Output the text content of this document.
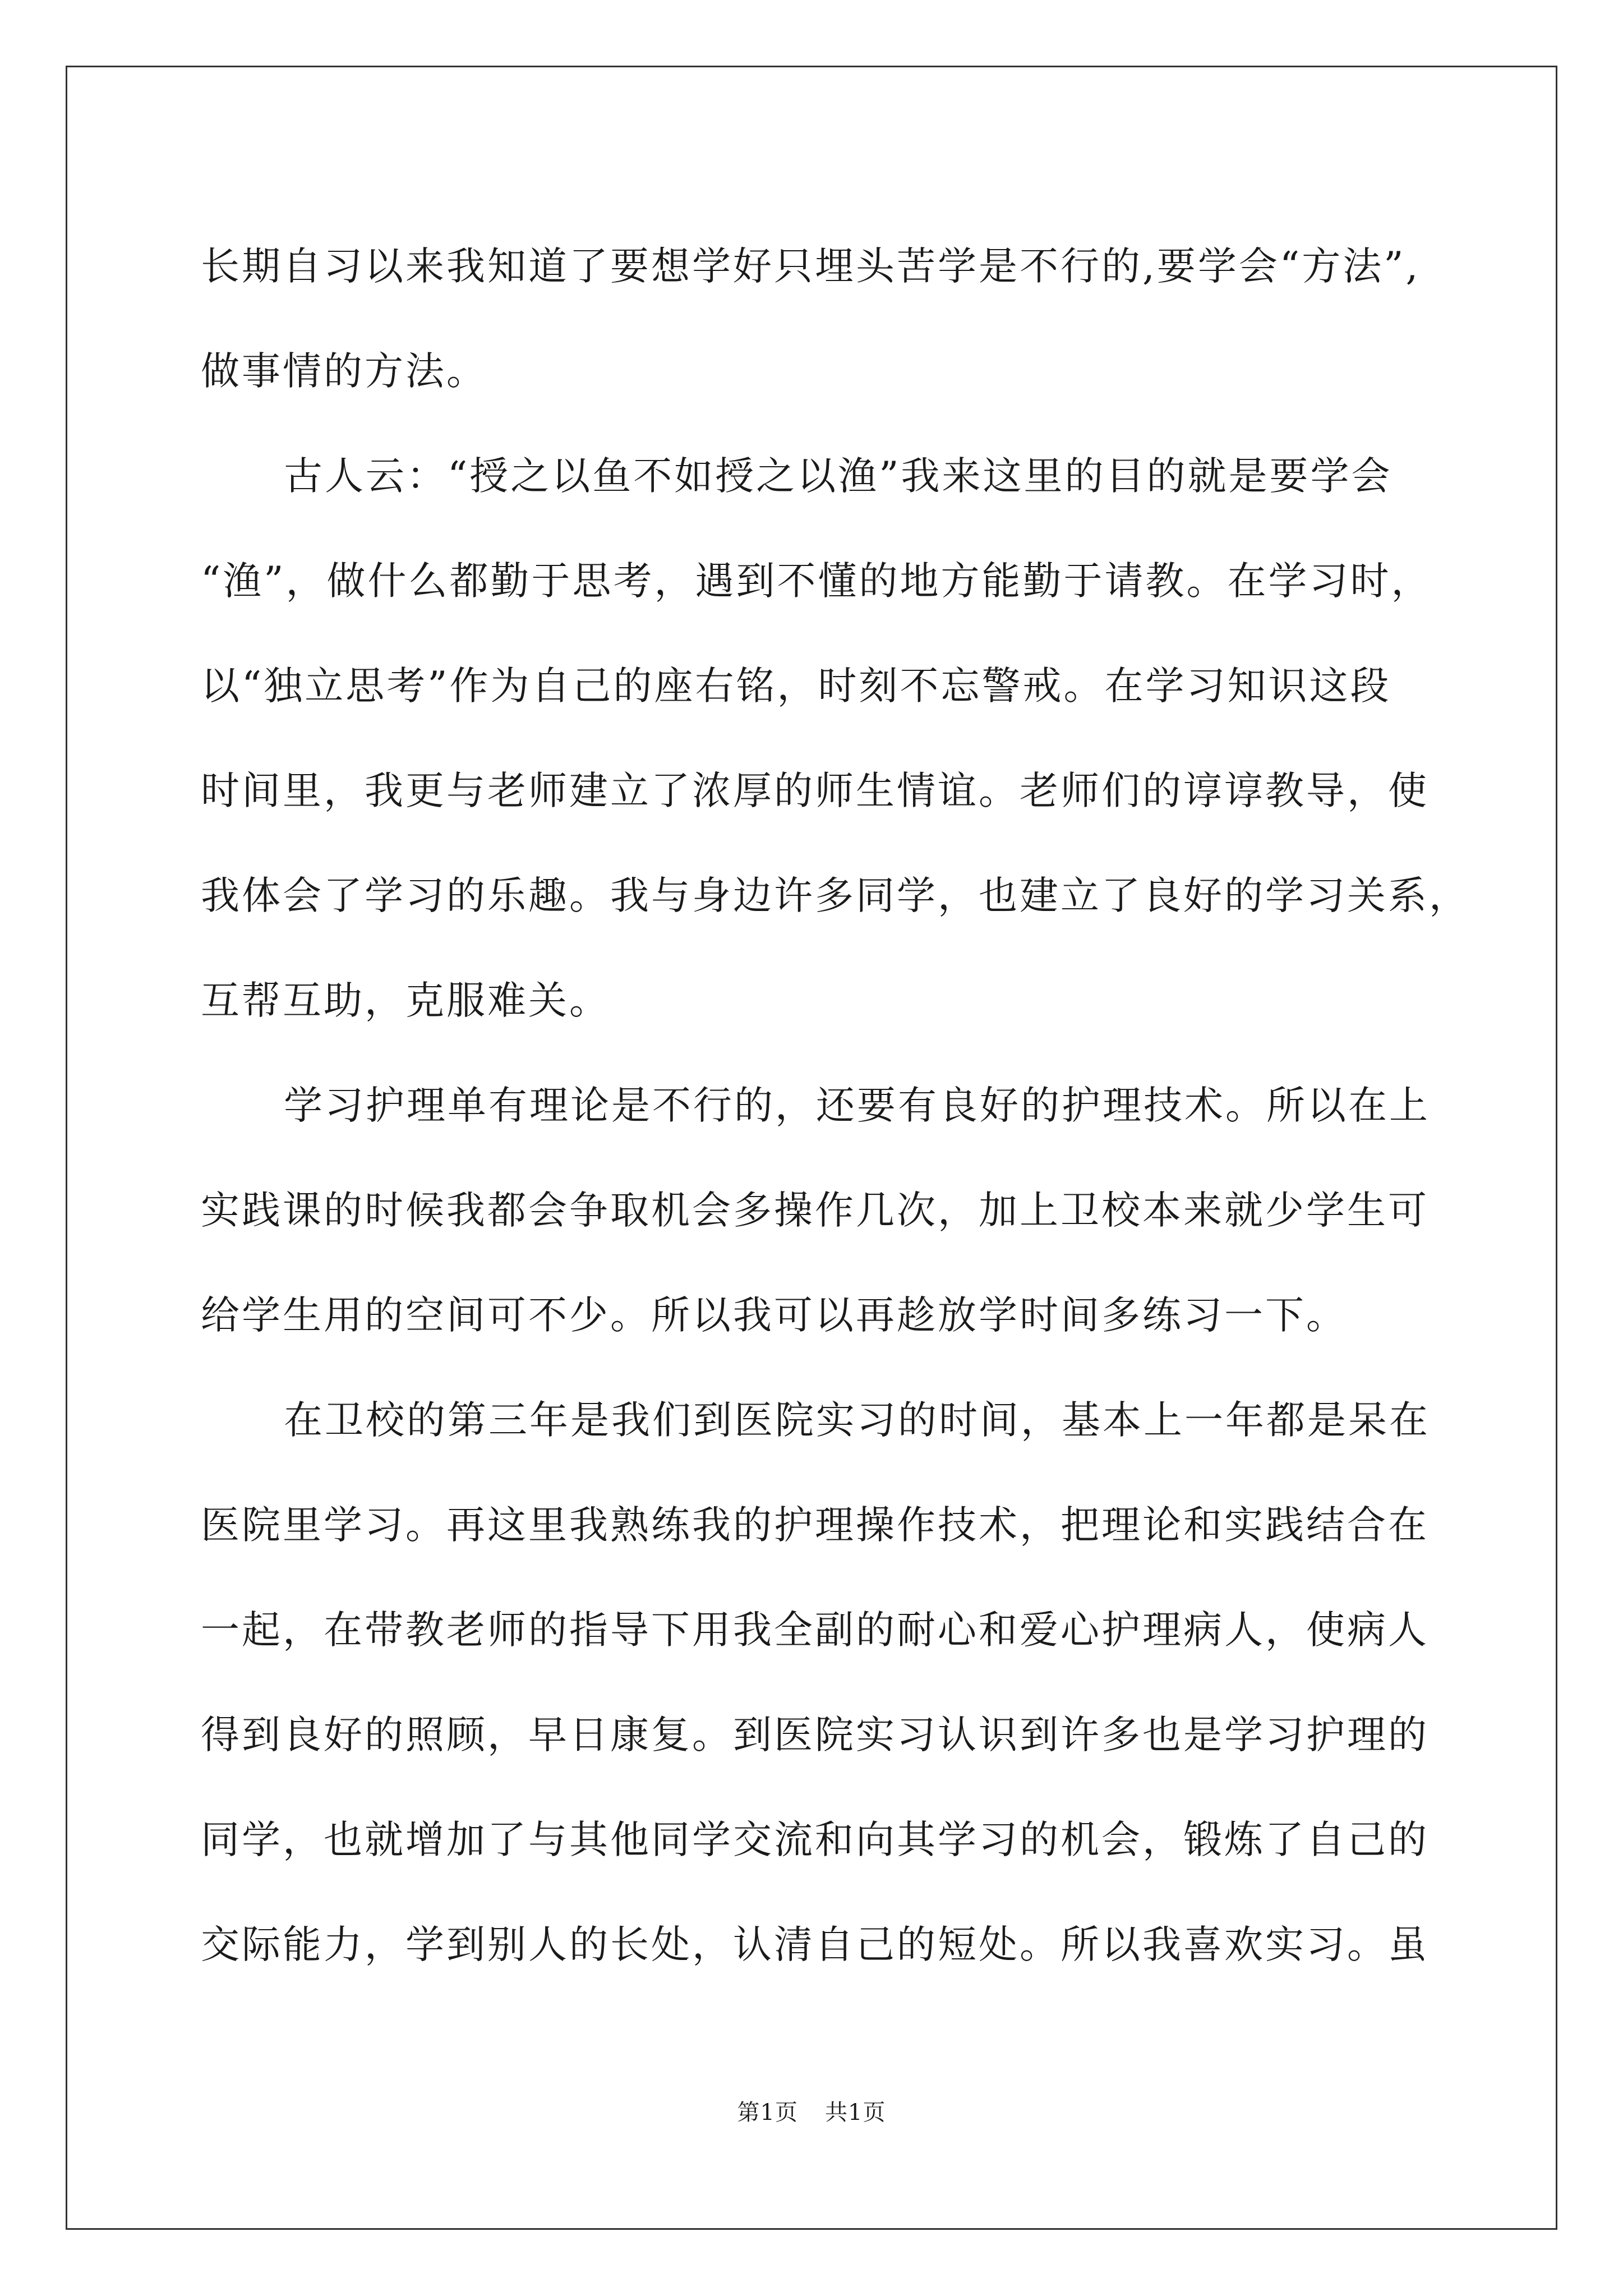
长期自习以来我知道了要想学好只埋头苦学是不行的,要学会“方法”,
做事情的方法。
古人云：“授之以鱼不如授之以渔”我来这里的目的就是要学会
“渔”，做什么都勤于思考，遇到不懂的地方能勤于请教。在学习时，
以“独立思考”作为自己的座右铭，时刻不忘警戒。在学习知识这段
时间里，我更与老师建立了浓厚的师生情谊。老师们的谆谆教导，使
我体会了学习的乐趣。我与身边许多同学，也建立了良好的学习关系，
互帮互助，克服难关。
学习护理单有理论是不行的，还要有良好的护理技术。所以在上
实践课的时候我都会争取机会多操作几次，加上卫校本来就少学生可
给学生用的空间可不少。所以我可以再趁放学时间多练习一下。
在卫校的第三年是我们到医院实习的时间，基本上一年都是呆在
医院里学习。再这里我熟练我的护理操作技术，把理论和实践结合在
一起，在带教老师的指导下用我全副的耐心和爱心护理病人，使病人
得到良好的照顾，早日康复。到医院实习认识到许多也是学习护理的
同学，也就增加了与其他同学交流和向其学习的机会，锻炼了自己的
交际能力，学到别人的长处，认清自己的短处。所以我喜欢实习。虽
第1页 共1页
